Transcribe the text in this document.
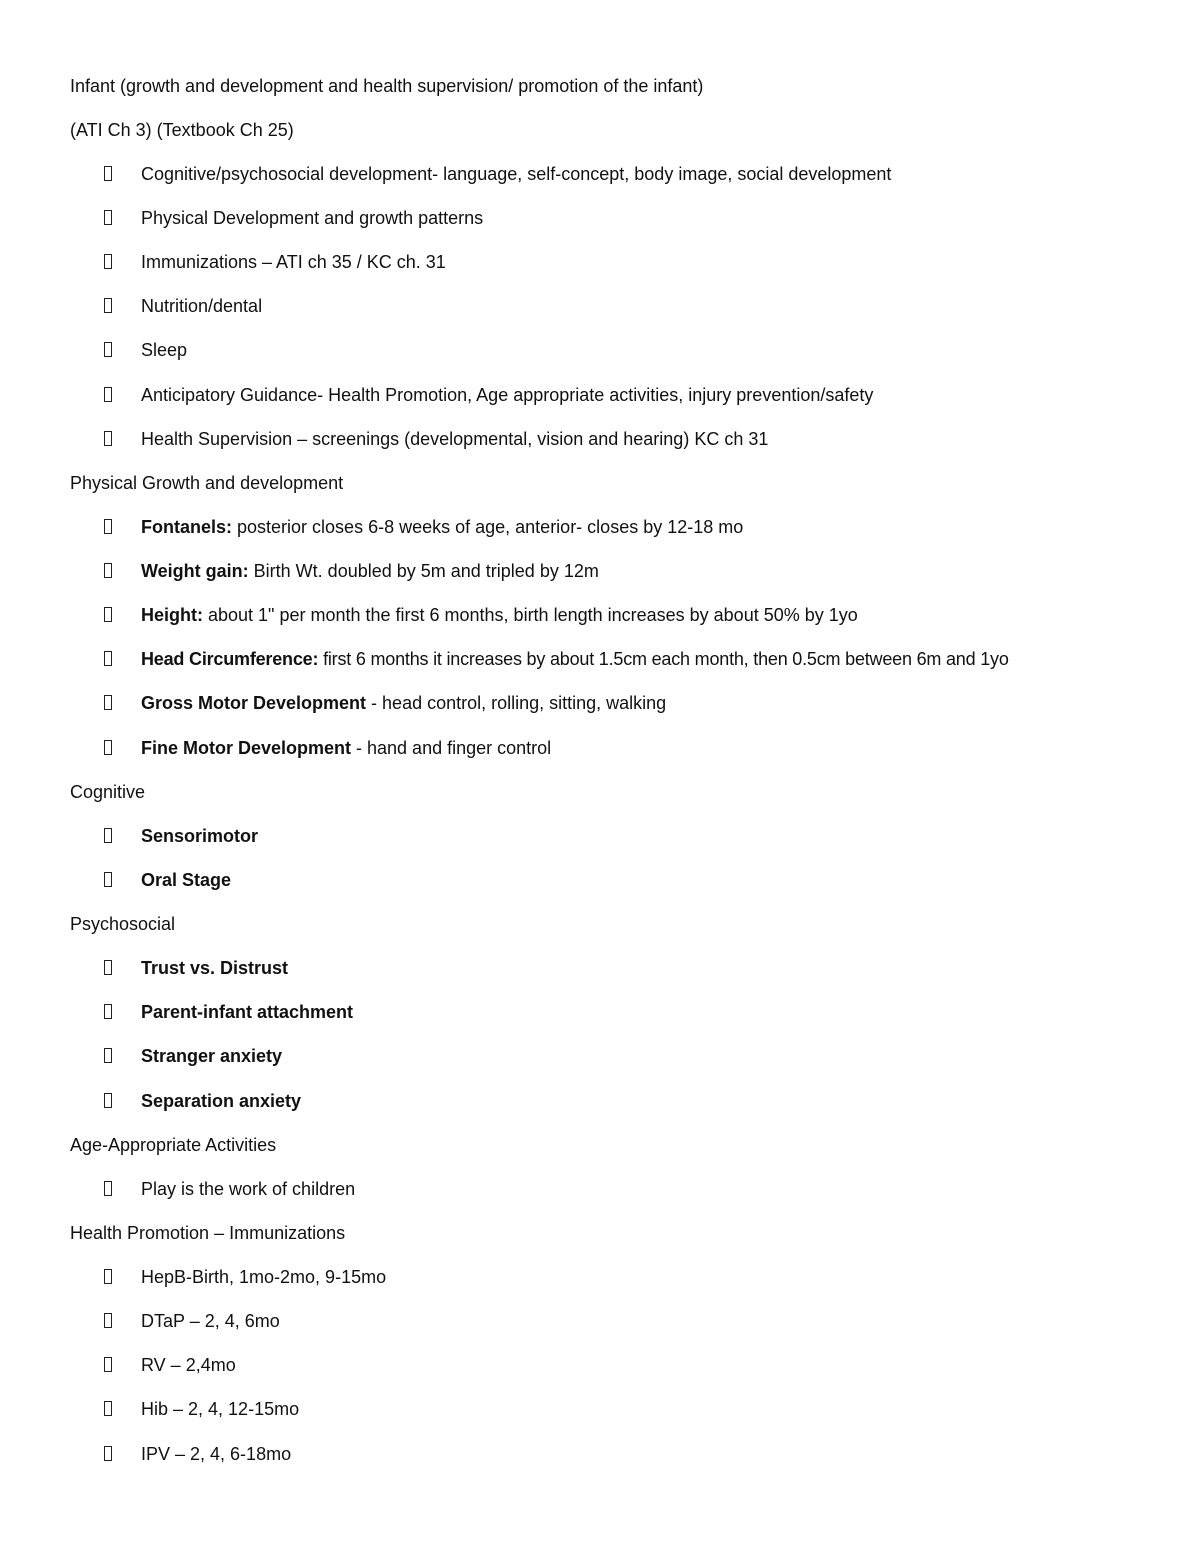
Infant (growth and development and health supervision/ promotion of the infant)
(ATI Ch 3) (Textbook Ch 25)
Cognitive/psychosocial development- language, self-concept, body image, social development
Physical Development and growth patterns
Immunizations – ATI ch 35 / KC ch. 31
Nutrition/dental
Sleep
Anticipatory Guidance- Health Promotion, Age appropriate activities, injury prevention/safety
Health Supervision – screenings (developmental, vision and hearing) KC ch 31
Physical Growth and development
Fontanels: posterior closes 6-8 weeks of age, anterior- closes by 12-18 mo
Weight gain: Birth Wt. doubled by 5m and tripled by 12m
Height: about 1" per month the first 6 months, birth length increases by about 50% by 1yo
Head Circumference: first 6 months it increases by about 1.5cm each month, then 0.5cm between 6m and 1yo
Gross Motor Development - head control, rolling, sitting, walking
Fine Motor Development - hand and finger control
Cognitive
Sensorimotor
Oral Stage
Psychosocial
Trust vs. Distrust
Parent-infant attachment
Stranger anxiety
Separation anxiety
Age-Appropriate Activities
Play is the work of children
Health Promotion – Immunizations
HepB-Birth, 1mo-2mo, 9-15mo
DTaP – 2, 4, 6mo
RV – 2,4mo
Hib – 2, 4, 12-15mo
IPV – 2, 4, 6-18mo
